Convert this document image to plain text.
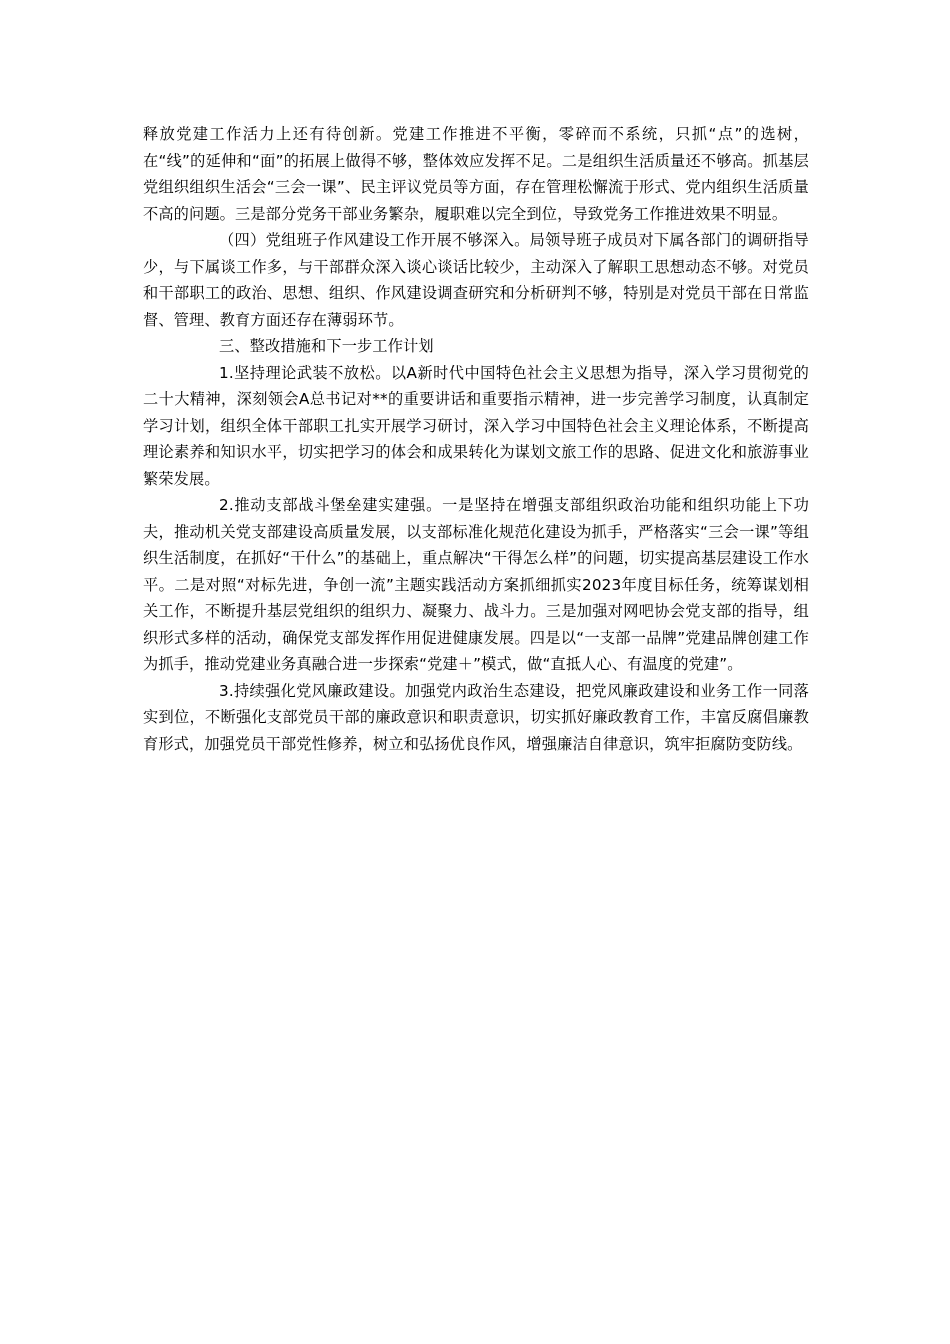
释放党建工作活力上还有待创新。党建工作推进不平衡，零碎而不系统，只抓“点”的选树，在“线”的延伸和“面”的拓展上做得不够，整体效应发挥不足。二是组织生活质量还不够高。抓基层党组织组织生活会“三会一课”、民主评议党员等方面，存在管理松懈流于形式、党内组织生活质量不高的问题。三是部分党务干部业务繁杂，履职难以完全到位，导致党务工作推进效果不明显。

（四）党组班子作风建设工作开展不够深入。局领导班子成员对下属各部门的调研指导少，与下属谈工作多，与干部群众深入谈心谈话比较少，主动深入了解职工思想动态不够。对党员和干部职工的政治、思想、组织、作风建设调查研究和分析研判不够，特别是对党员干部在日常监督、管理、教育方面还存在薄弱环节。

三、整改措施和下一步工作计划

1.坚持理论武装不放松。以A新时代中国特色社会主义思想为指导，深入学习贯彻党的二十大精神，深刻领会A总书记对**的重要讲话和重要指示精神，进一步完善学习制度，认真制定学习计划，组织全体干部职工扎实开展学习研讨，深入学习中国特色社会主义理论体系，不断提高理论素养和知识水平，切实把学习的体会和成果转化为谋划文旅工作的思路、促进文化和旅游事业繁荣发展。

2.推动支部战斗堡垒建实建强。一是坚持在增强支部组织政治功能和组织功能上下功夫，推动机关党支部建设高质量发展，以支部标准化规范化建设为抓手，严格落实“三会一课”等组织生活制度，在抓好“干什么”的基础上，重点解决“干得怎么样”的问题，切实提高基层建设工作水平。二是对照“对标先进，争创一流”主题实践活动方案抓细抓实2023年度目标任务，统筹谋划相关工作，不断提升基层党组织的组织力、凝聚力、战斗力。三是加强对网吧协会党支部的指导，组织形式多样的活动，确保党支部发挥作用促进健康发展。四是以“一支部一品牌”党建品牌创建工作为抓手，推动党建业务真融合进一步探索“党建＋”模式，做“直抵人心、有温度的党建”。

3.持续强化党风廉政建设。加强党内政治生态建设，把党风廉政建设和业务工作一同落实到位，不断强化支部党员干部的廉政意识和职责意识，切实抓好廉政教育工作，丰富反腐倡廉教育形式，加强党员干部党性修养，树立和弘扬优良作风，增强廉洁自律意识，筑牢拒腐防变防线。
